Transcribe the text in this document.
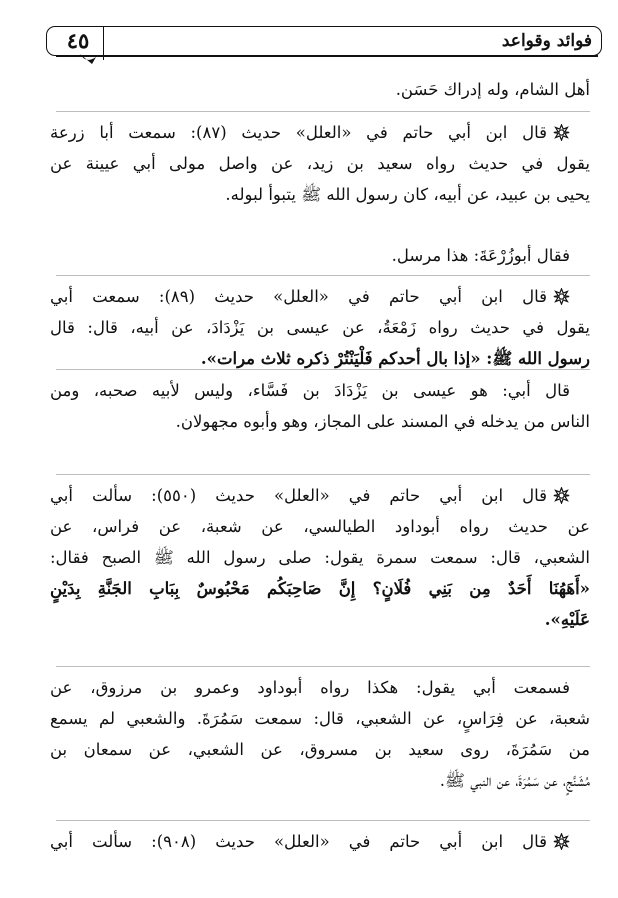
٤٥	فوائد وقواعد
أهل الشام، وله إدراك حَسَن.
قال ابن أبي حاتم في «العلل» حديث (٨٧): سمعت أبا زرعة
يقول في حديث رواه سعيد بن زيد، عن واصل مولى أبي عيينة عن
يحيى بن عبيد، عن أبيه، كان رسول الله ﷺ يتبوأ لبوله.
فقال أبوزُرْعَةَ: هذا مرسل.
قال ابن أبي حاتم في «العلل» حديث (٨٩): سمعت أبي
يقول في حديث رواه زَمْعَةُ، عن عيسى بن يَزْدَادَ، عن أبيه، قال: قال
رسول الله ﷺ: «إذا بال أحدكم فَلْيَنْتُرْ ذكره ثلاث مرات».
قال أبي: هو عيسى بن يَزْدَادَ بن فَسَّاء، وليس لأبيه صحبه، ومن
الناس من يدخله في المسند على المجاز، وهو وأبوه مجهولان.
قال ابن أبي حاتم في «العلل» حديث (٥٥٠): سألت أبي
عن حديث رواه أبوداود الطيالسي، عن شعبة، عن فراس، عن
الشعبي، قال: سمعت سمرة يقول: صلى رسول الله ﷺ الصبح فقال:
«أَهَهُنَا أَحَدٌ مِن بَنِي فُلَانٍ؟ إِنَّ صَاحِبَكُم مَحْبُوسٌ بِبَابِ الجَنَّةِ بِدَيْنٍ
عَلَيْهِ».
فسمعت أبي يقول: هكذا رواه أبوداود وعمرو بن مرزوق، عن
شعبة، عن فِرَاسٍ، عن الشعبي، قال: سمعت سَمُرَةَ. والشعبي لم يسمع
من سَمُرَةَ، روى سعيد بن مسروق، عن الشعبي، عن سمعان بن
مُشَنَّجٍ، عن سَمُرَةَ، عن النبي ﷺ.
قال ابن أبي حاتم في «العلل» حديث (٩٠٨): سألت أبي
